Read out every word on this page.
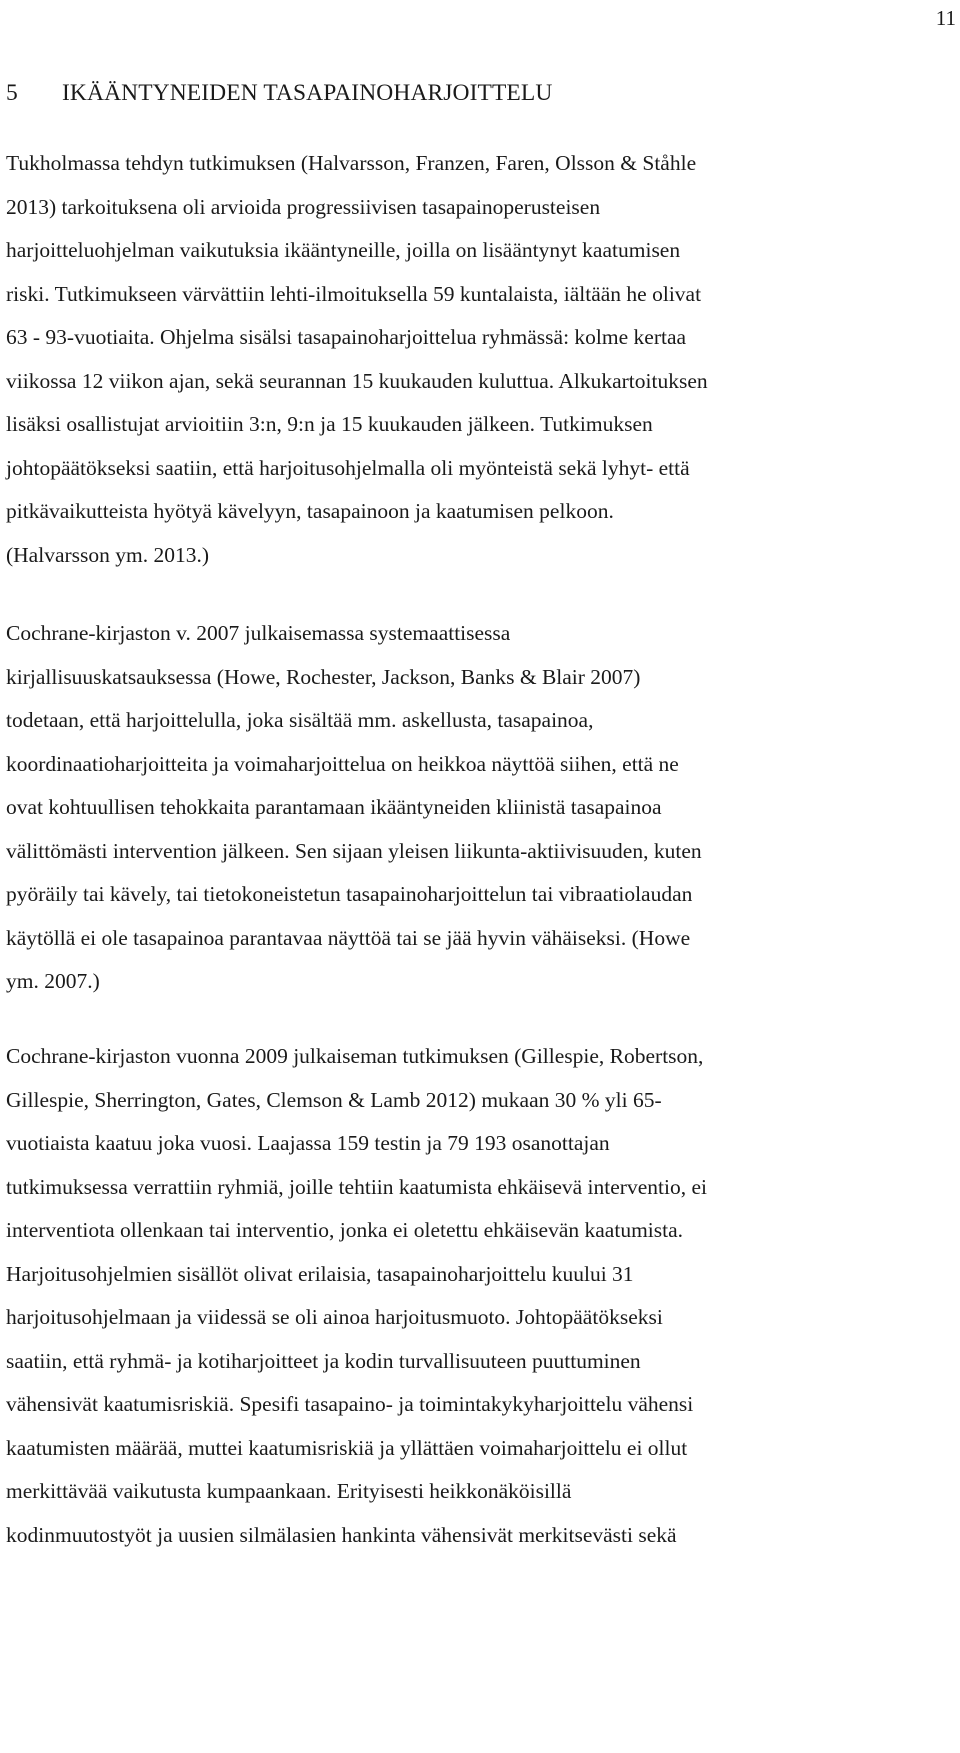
11
5 IKÄÄNTYNEIDEN TASAPAINOHARJOITTELU
Tukholmassa tehdyn tutkimuksen (Halvarsson, Franzen, Faren, Olsson & Ståhle
2013) tarkoituksena oli arvioida progressiivisen tasapainoperusteisen
harjoitteluohjelman vaikutuksia ikääntyneille, joilla on lisääntynyt kaatumisen
riski. Tutkimukseen värvättiin lehti-ilmoituksella 59 kuntalaista, iältään he olivat
63 - 93-vuotiaita. Ohjelma sisälsi tasapainoharjoittelua ryhmässä: kolme kertaa
viikossa 12 viikon ajan, sekä seurannan 15 kuukauden kuluttua. Alkukartoituksen
lisäksi osallistujat arvioitiin 3:n, 9:n ja 15 kuukauden jälkeen. Tutkimuksen
johtopäätökseksi saatiin, että harjoitusohjelmalla oli myönteistä sekä lyhyt- että
pitkävaikutteista hyötyä kävelyyn, tasapainoon ja kaatumisen pelkoon.
(Halvarsson ym. 2013.)
Cochrane-kirjaston v. 2007 julkaisemassa systemaattisessa
kirjallisuuskatsauksessa (Howe, Rochester, Jackson, Banks & Blair 2007)
todetaan, että harjoittelulla, joka sisältää mm. askellusta, tasapainoa,
koordinaatioharjoitteita ja voimaharjoittelua on heikkoa näyttöä siihen, että ne
ovat kohtuullisen tehokkaita parantamaan ikääntyneiden kliinistä tasapainoa
välittömästi intervention jälkeen. Sen sijaan yleisen liikunta-aktiivisuuden, kuten
pyöräily tai kävely, tai tietokoneistetun tasapainoharjoittelun tai vibraatiolaudan
käytöllä ei ole tasapainoa parantavaa näyttöä tai se jää hyvin vähäiseksi. (Howe
ym. 2007.)
Cochrane-kirjaston vuonna 2009 julkaiseman tutkimuksen (Gillespie, Robertson,
Gillespie, Sherrington, Gates, Clemson & Lamb 2012) mukaan 30 % yli 65-
vuotiaista kaatuu joka vuosi. Laajassa 159 testin ja 79 193 osanottajan
tutkimuksessa verrattiin ryhmiä, joille tehtiin kaatumista ehkäisevä interventio, ei
interventiota ollenkaan tai interventio, jonka ei oletettu ehkäisevän kaatumista.
Harjoitusohjelmien sisällöt olivat erilaisia, tasapainoharjoittelu kuului 31
harjoitusohjelmaan ja viidessä se oli ainoa harjoitusmuoto. Johtopäätökseksi
saatiin, että ryhmä- ja kotiharjoitteet ja kodin turvallisuuteen puuttuminen
vähensivät kaatumisriskiä. Spesifi tasapaino- ja toimintakykyharjoittelu vähensi
kaatumisten määrää, muttei kaatumisriskiä ja yllättäen voimaharjoittelu ei ollut
merkittävää vaikutusta kumpaankaan. Erityisesti heikkonäköisillä
kodinmuutostyöt ja uusien silmälasien hankinta vähensivät merkitsevästi sekä
